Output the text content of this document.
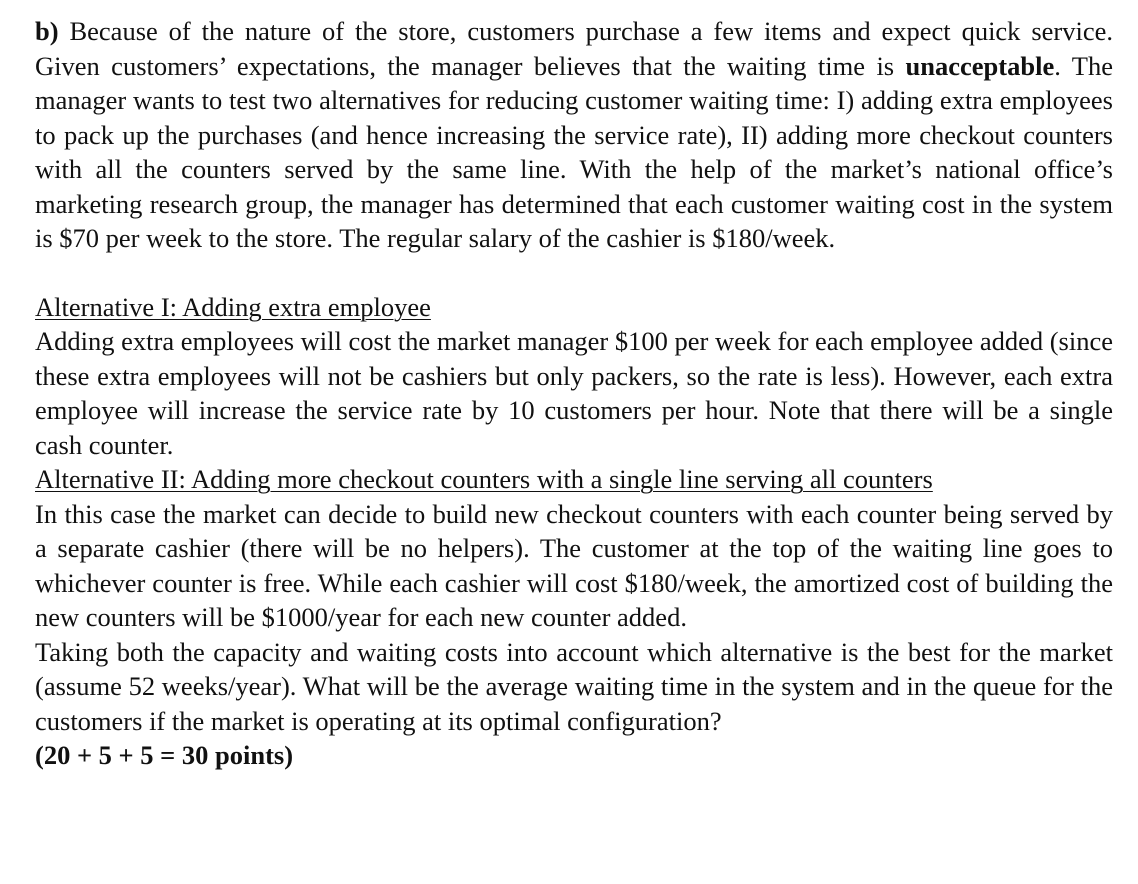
b) Because of the nature of the store, customers purchase a few items and expect quick service. Given customers’ expectations, the manager believes that the waiting time is unacceptable. The manager wants to test two alternatives for reducing customer waiting time: I) adding extra employees to pack up the purchases (and hence increasing the service rate), II) adding more checkout counters with all the counters served by the same line. With the help of the market’s national office’s marketing research group, the manager has determined that each customer waiting cost in the system is $70 per week to the store. The regular salary of the cashier is $180/week.

Alternative I: Adding extra employee

Adding extra employees will cost the market manager $100 per week for each employee added (since these extra employees will not be cashiers but only packers, so the rate is less). However, each extra employee will increase the service rate by 10 customers per hour. Note that there will be a single cash counter.

Alternative II: Adding more checkout counters with a single line serving all counters

In this case the market can decide to build new checkout counters with each counter being served by a separate cashier (there will be no helpers). The customer at the top of the waiting line goes to whichever counter is free. While each cashier will cost $180/week, the amortized cost of building the new counters will be $1000/year for each new counter added.

Taking both the capacity and waiting costs into account which alternative is the best for the market (assume 52 weeks/year). What will be the average waiting time in the system and in the queue for the customers if the market is operating at its optimal configuration?

(20 + 5 + 5 = 30 points)
